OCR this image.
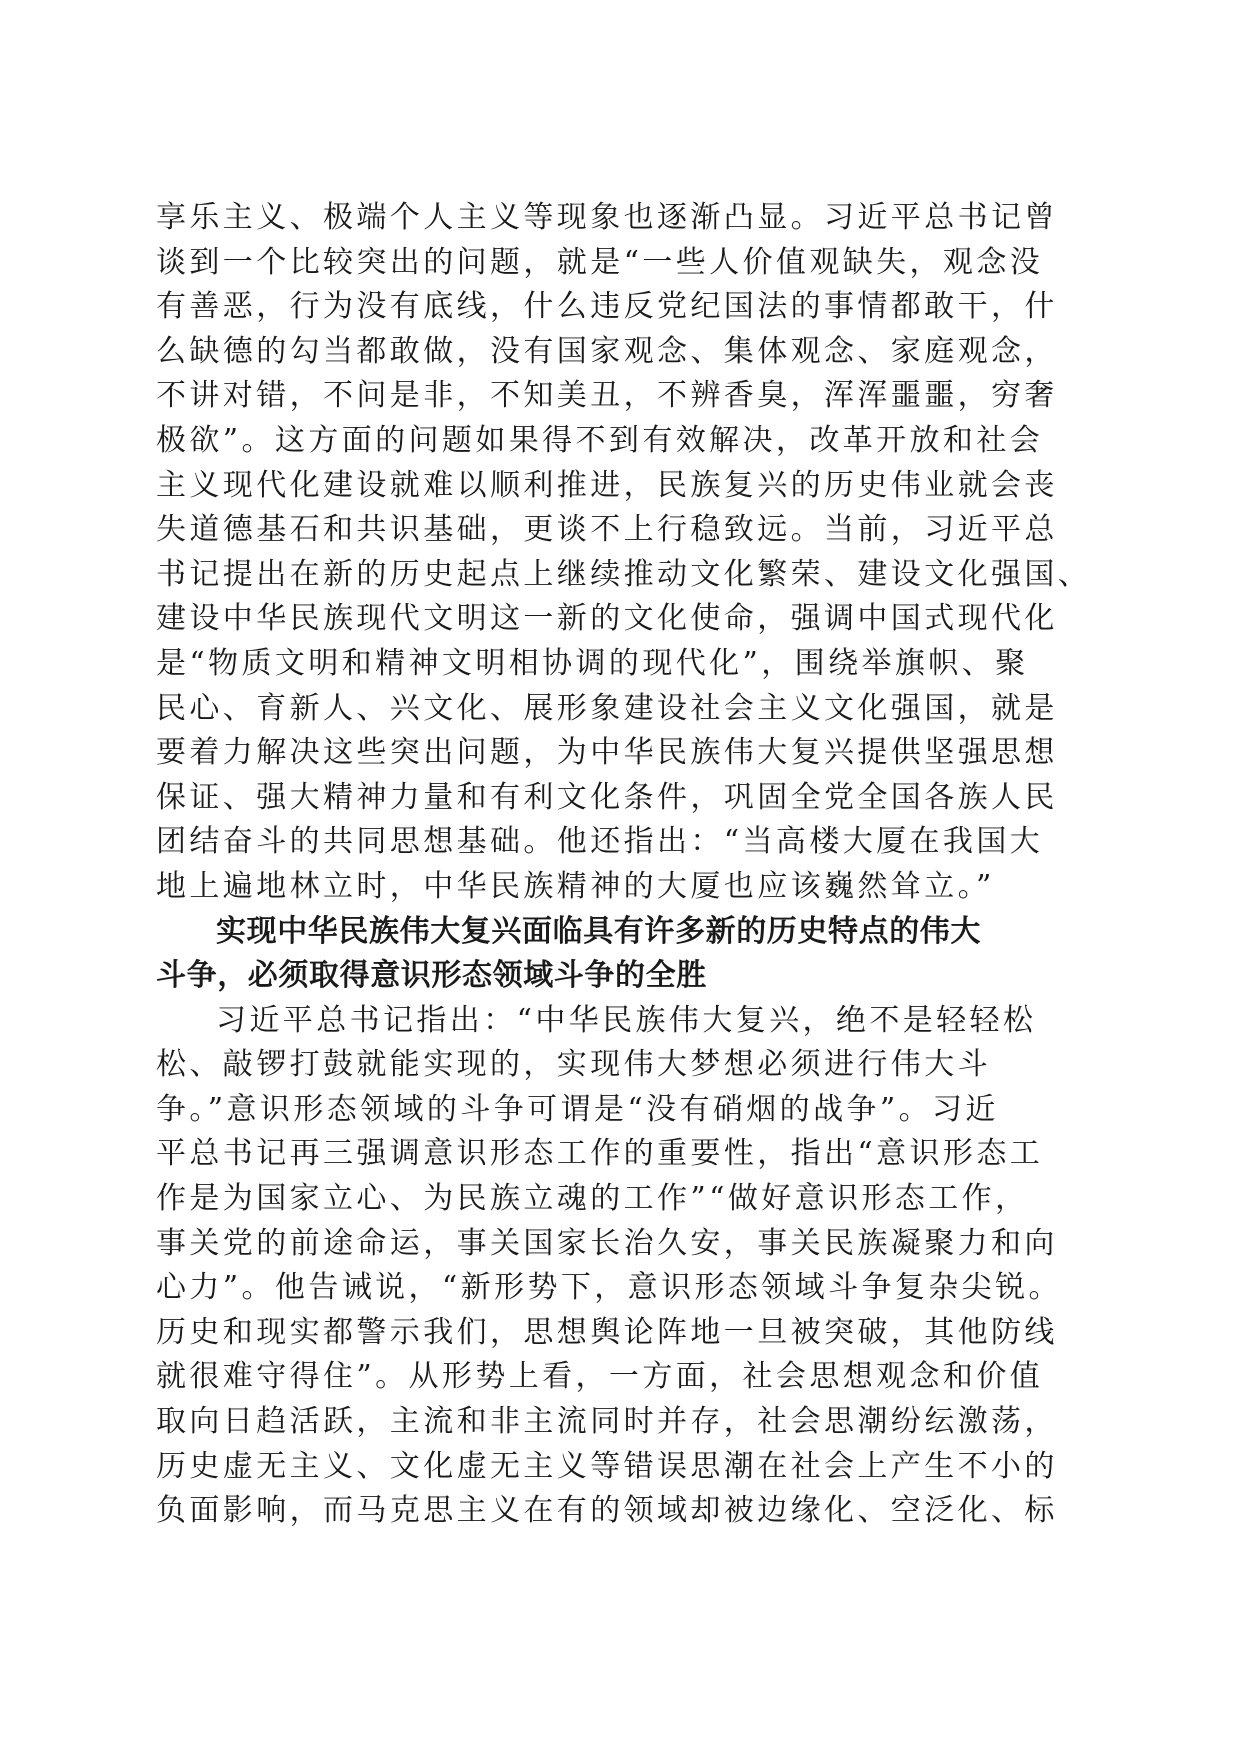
享乐主义、极端个人主义等现象也逐渐凸显。习近平总书记曾
谈到一个比较突出的问题，就是“一些人价值观缺失，观念没
有善恶，行为没有底线，什么违反党纪国法的事情都敢干，什
么缺德的勾当都敢做，没有国家观念、集体观念、家庭观念，
不讲对错，不问是非，不知美丑，不辨香臭，浑浑噩噩，穷奢
极欲”。这方面的问题如果得不到有效解决，改革开放和社会
主义现代化建设就难以顺利推进，民族复兴的历史伟业就会丧
失道德基石和共识基础，更谈不上行稳致远。当前，习近平总
书记提出在新的历史起点上继续推动文化繁荣、建设文化强国、
建设中华民族现代文明这一新的文化使命，强调中国式现代化
是“物质文明和精神文明相协调的现代化”，围绕举旗帜、聚
民心、育新人、兴文化、展形象建设社会主义文化强国，就是
要着力解决这些突出问题，为中华民族伟大复兴提供坚强思想
保证、强大精神力量和有利文化条件，巩固全党全国各族人民
团结奋斗的共同思想基础。他还指出：“当高楼大厦在我国大
地上遍地林立时，中华民族精神的大厦也应该巍然耸立。”
实现中华民族伟大复兴面临具有许多新的历史特点的伟大
斗争，必须取得意识形态领域斗争的全胜
习近平总书记指出：“中华民族伟大复兴，绝不是轻轻松
松、敲锣打鼓就能实现的，实现伟大梦想必须进行伟大斗
争。”意识形态领域的斗争可谓是“没有硝烟的战争”。习近
平总书记再三强调意识形态工作的重要性，指出“意识形态工
作是为国家立心、为民族立魂的工作”“做好意识形态工作，
事关党的前途命运，事关国家长治久安，事关民族凝聚力和向
心力”。他告诫说，“新形势下，意识形态领域斗争复杂尖锐。
历史和现实都警示我们，思想舆论阵地一旦被突破，其他防线
就很难守得住”。从形势上看，一方面，社会思想观念和价值
取向日趋活跃，主流和非主流同时并存，社会思潮纷纭激荡，
历史虚无主义、文化虚无主义等错误思潮在社会上产生不小的
负面影响，而马克思主义在有的领域却被边缘化、空泛化、标
